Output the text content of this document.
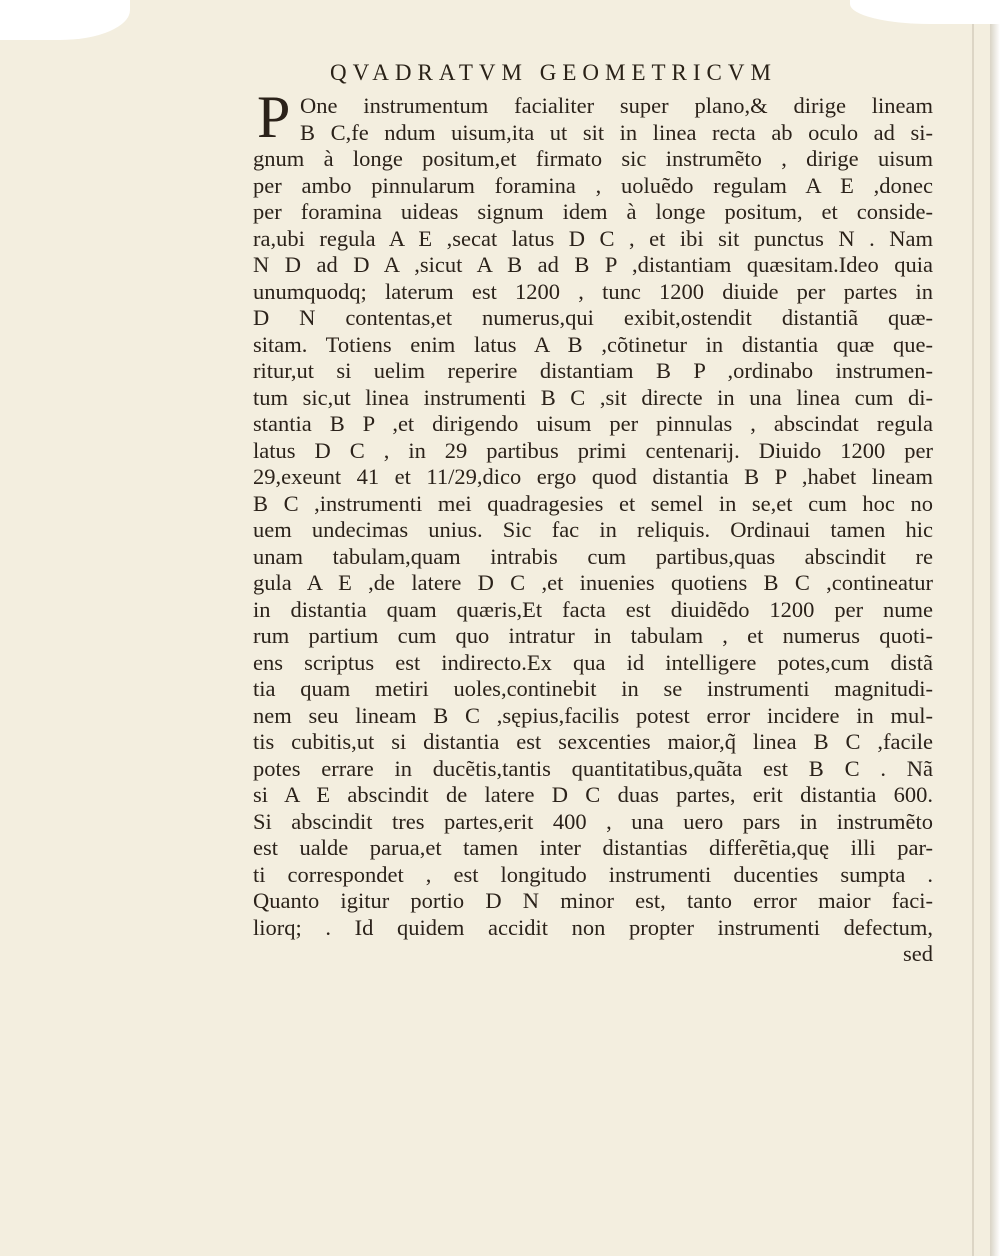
QVADRATVM GEOMETRICVM
P One instrumentum facialiter super plano,& dirige lineam
B C,fe ndum uisum,ita ut sit in linea recta ab oculo ad si-
gnum à longe positum,et firmato sic instrumẽto , dirige uisum
per ambo pinnularum foramina , uoluẽdo regulam A E ,donec
per foramina uideas signum idem à longe positum, et conside-
ra,ubi regula A E ,secat latus D C , et ibi sit punctus N . Nam
N D ad D A ,sicut A B ad B P ,distantiam quæsitam.Ideo quia
unumquodq; laterum est 1200 , tunc 1200 diuide per partes in
D N contentas,et numerus,qui exibit,ostendit distantiã quæ-
sitam. Totiens enim latus A B ,cõtinetur in distantia quæ que-
ritur,ut si uelim reperire distantiam B P ,ordinabo instrumen-
tum sic,ut linea instrumenti B C ,sit directe in una linea cum di-
stantia B P ,et dirigendo uisum per pinnulas , abscindat regula
latus D C , in 29 partibus primi centenarij. Diuido 1200 per
29,exeunt 41 et 11/29,dico ergo quod distantia B P ,habet lineam
B C ,instrumenti mei quadragesies et semel in se,et cum hoc no
uem undecimas unius. Sic fac in reliquis. Ordinaui tamen hic
unam tabulam,quam intrabis cum partibus,quas abscindit re
gula A E ,de latere D C ,et inuenies quotiens B C ,contineatur
in distantia quam quæris,Et facta est diuidẽdo 1200 per nume
rum partium cum quo intratur in tabulam , et numerus quoti-
ens scriptus est indirecto.Ex qua id intelligere potes,cum distã
tia quam metiri uoles,continebit in se instrumenti magnitudi-
nem seu lineam B C ,sępius,facilis potest error incidere in mul-
tis cubitis,ut si distantia est sexcenties maior,q̃ linea B C ,facile
potes errare in ducẽtis,tantis quantitatibus,quãta est B C . Nã
si A E abscindit de latere D C duas partes, erit distantia 600.
Si abscindit tres partes,erit 400 , una uero pars in instrumẽto
est ualde parua,et tamen inter distantias differẽtia,quę illi par-
ti correspondet , est longitudo instrumenti ducenties sumpta .
Quanto igitur portio D N minor est, tanto error maior faci-
liorq; . Id quidem accidit non propter instrumenti defectum,
sed
